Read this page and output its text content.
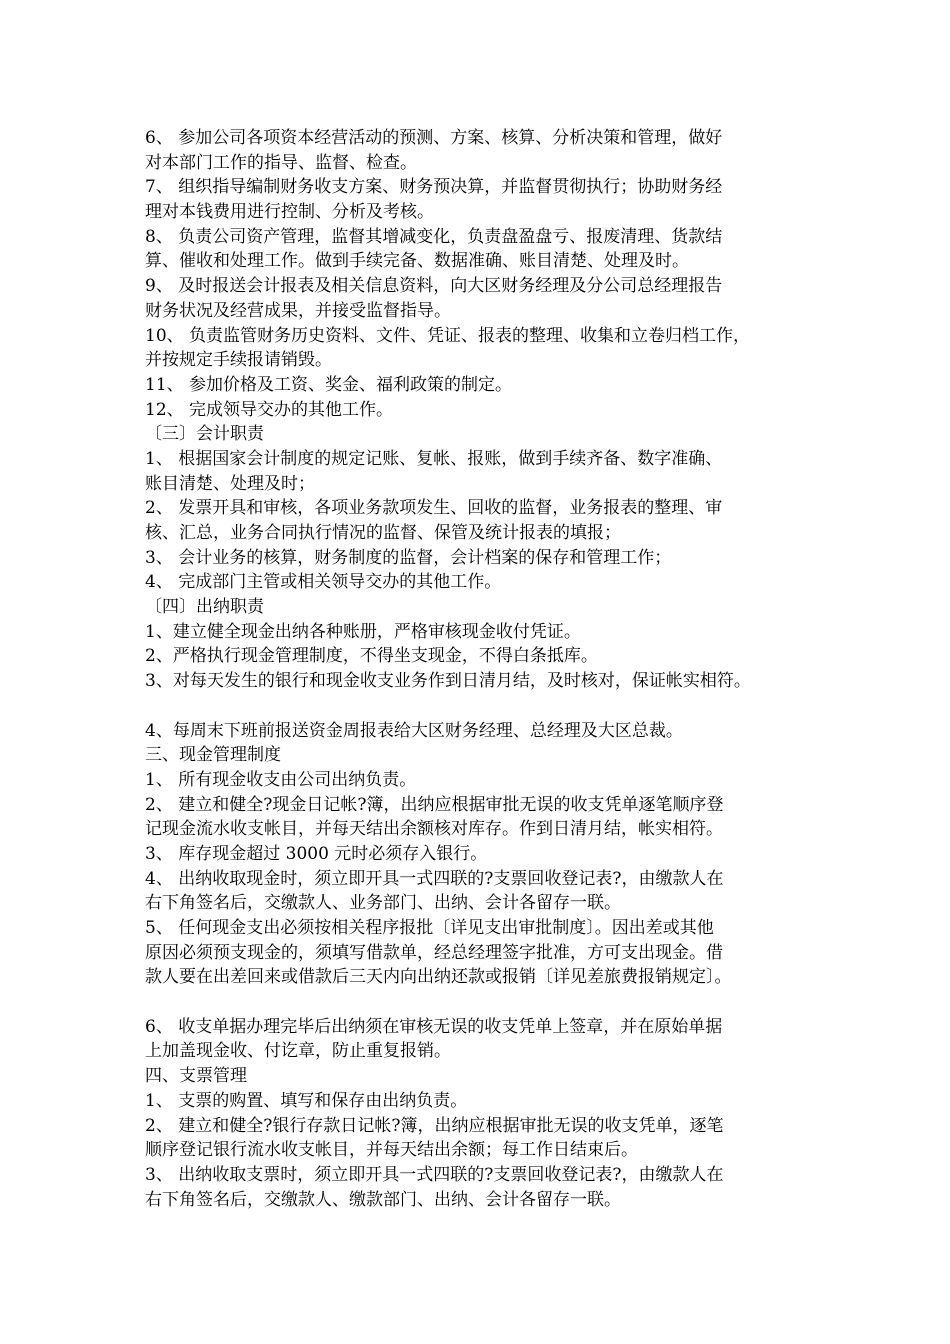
6、 参加公司各项资本经营活动的预测、方案、核算、分析决策和管理，做好
对本部门工作的指导、监督、检查。
7、 组织指导编制财务收支方案、财务预决算，并监督贯彻执行；协助财务经
理对本钱费用进行控制、分析及考核。
8、 负责公司资产管理，监督其增减变化，负责盘盈盘亏、报废清理、货款结
算、催收和处理工作。做到手续完备、数据准确、账目清楚、处理及时。
9、 及时报送会计报表及相关信息资料，向大区财务经理及分公司总经理报告
财务状况及经营成果，并接受监督指导。
10、 负责监管财务历史资料、文件、凭证、报表的整理、收集和立卷归档工作，
并按规定手续报请销毁。
11、 参加价格及工资、奖金、福利政策的制定。
12、 完成领导交办的其他工作。
〔三〕会计职责
1、 根据国家会计制度的规定记账、复帐、报账，做到手续齐备、数字准确、
账目清楚、处理及时；
2、 发票开具和审核，各项业务款项发生、回收的监督，业务报表的整理、审
核、汇总，业务合同执行情况的监督、保管及统计报表的填报；
3、 会计业务的核算，财务制度的监督，会计档案的保存和管理工作；
4、 完成部门主管或相关领导交办的其他工作。
〔四〕出纳职责
1、建立健全现金出纳各种账册，严格审核现金收付凭证。
2、严格执行现金管理制度，不得坐支现金，不得白条抵库。
3、对每天发生的银行和现金收支业务作到日清月结，及时核对，保证帐实相符。
4、每周末下班前报送资金周报表给大区财务经理、总经理及大区总裁。
三、现金管理制度
1、 所有现金收支由公司出纳负责。
2、 建立和健全?现金日记帐?簿，出纳应根据审批无误的收支凭单逐笔顺序登
记现金流水收支帐目，并每天结出余额核对库存。作到日清月结，帐实相符。
3、 库存现金超过 3000 元时必须存入银行。
4、 出纳收取现金时，须立即开具一式四联的?支票回收登记表?，由缴款人在
右下角签名后，交缴款人、业务部门、出纳、会计各留存一联。
5、 任何现金支出必须按相关程序报批〔详见支出审批制度〕。因出差或其他
原因必须预支现金的，须填写借款单，经总经理签字批准，方可支出现金。借
款人要在出差回来或借款后三天内向出纳还款或报销〔详见差旅费报销规定〕。
6、 收支单据办理完毕后出纳须在审核无误的收支凭单上签章，并在原始单据
上加盖现金收、付讫章，防止重复报销。
四、支票管理
1、 支票的购置、填写和保存由出纳负责。
2、 建立和健全?银行存款日记帐?簿，出纳应根据审批无误的收支凭单，逐笔
顺序登记银行流水收支帐目，并每天结出余额；每工作日结束后。
3、 出纳收取支票时，须立即开具一式四联的?支票回收登记表?，由缴款人在
右下角签名后，交缴款人、缴款部门、出纳、会计各留存一联。
